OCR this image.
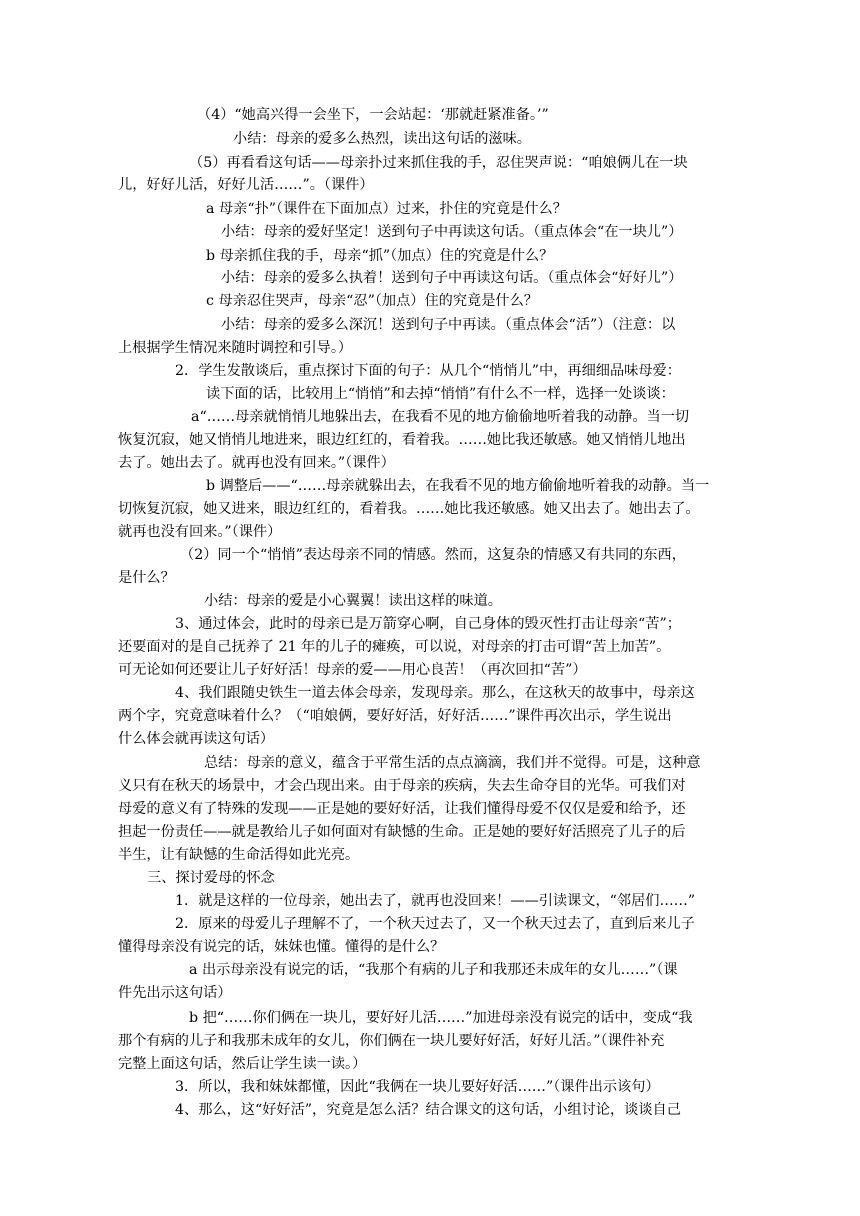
（4）“她高兴得一会坐下，一会站起：‘那就赶紧准备。’”
小结：母亲的爱多么热烈，读出这句话的滋味。
（5）再看看这句话——母亲扑过来抓住我的手，忍住哭声说：“咱娘俩儿在一块
儿，好好儿活，好好儿活……”。（课件）
a 母亲“扑”（课件在下面加点）过来，扑住的究竟是什么？
小结：母亲的爱好坚定！送到句子中再读这句话。（重点体会“在一块儿”）
b 母亲抓住我的手，母亲“抓”（加点）住的究竟是什么？
小结：母亲的爱多么执着！送到句子中再读这句话。（重点体会“好好儿”）
c 母亲忍住哭声，母亲“忍”（加点）住的究竟是什么？
小结：母亲的爱多么深沉！送到句子中再读。（重点体会“活”）（注意：以
上根据学生情况来随时调控和引导。）
2．学生发散谈后，重点探讨下面的句子：从几个“悄悄儿”中，再细细品味母爱：
读下面的话，比较用上“悄悄”和去掉“悄悄”有什么不一样，选择一处谈谈：
a“……母亲就悄悄儿地躲出去，在我看不见的地方偷偷地听着我的动静。当一切
恢复沉寂，她又悄悄儿地进来，眼边红红的，看着我。……她比我还敏感。她又悄悄儿地出
去了。她出去了。就再也没有回来。”（课件）
b 调整后——“……母亲就躲出去，在我看不见的地方偷偷地听着我的动静。当一
切恢复沉寂，她又进来，眼边红红的，看着我。……她比我还敏感。她又出去了。她出去了。
就再也没有回来。”（课件）
（2）同一个“悄悄”表达母亲不同的情感。然而，这复杂的情感又有共同的东西，
是什么？
小结：母亲的爱是小心翼翼！读出这样的味道。
3、通过体会，此时的母亲已是万箭穿心啊，自己身体的毁灭性打击让母亲“苦”；
还要面对的是自己抚养了 21 年的儿子的瘫痪，可以说，对母亲的打击可谓“苦上加苦”。
可无论如何还要让儿子好好活！母亲的爱——用心良苦！（再次回扣“苦”）
4、我们跟随史铁生一道去体会母亲，发现母亲。那么，在这秋天的故事中，母亲这
两个字，究竟意味着什么？（“咱娘俩，要好好活，好好活……”课件再次出示，学生说出
什么体会就再读这句话）
总结：母亲的意义，蕴含于平常生活的点点滴滴，我们并不觉得。可是，这种意
义只有在秋天的场景中，才会凸现出来。由于母亲的疾病，失去生命夺目的光华。可我们对
母爱的意义有了特殊的发现——正是她的要好好活，让我们懂得母爱不仅仅是爱和给予，还
担起一份责任——就是教给儿子如何面对有缺憾的生命。正是她的要好好活照亮了儿子的后
半生，让有缺憾的生命活得如此光亮。
三、探讨爱母的怀念
1．就是这样的一位母亲，她出去了，就再也没回来！——引读课文，“邻居们……”
2．原来的母爱儿子理解不了，一个秋天过去了，又一个秋天过去了，直到后来儿子
懂得母亲没有说完的话，妹妹也懂。懂得的是什么？
a 出示母亲没有说完的话，“我那个有病的儿子和我那还未成年的女儿……”（课
件先出示这句话）
b 把“……你们俩在一块儿，要好好儿活……”加进母亲没有说完的话中，变成“我
那个有病的儿子和我那未成年的女儿，你们俩在一块儿要好好活，好好儿活。”（课件补充
完整上面这句话，然后让学生读一读。）
3．所以，我和妹妹都懂，因此“我俩在一块儿要好好活……”（课件出示该句）
4、那么，这“好好活”，究竟是怎么活？结合课文的这句话，小组讨论，谈谈自己
